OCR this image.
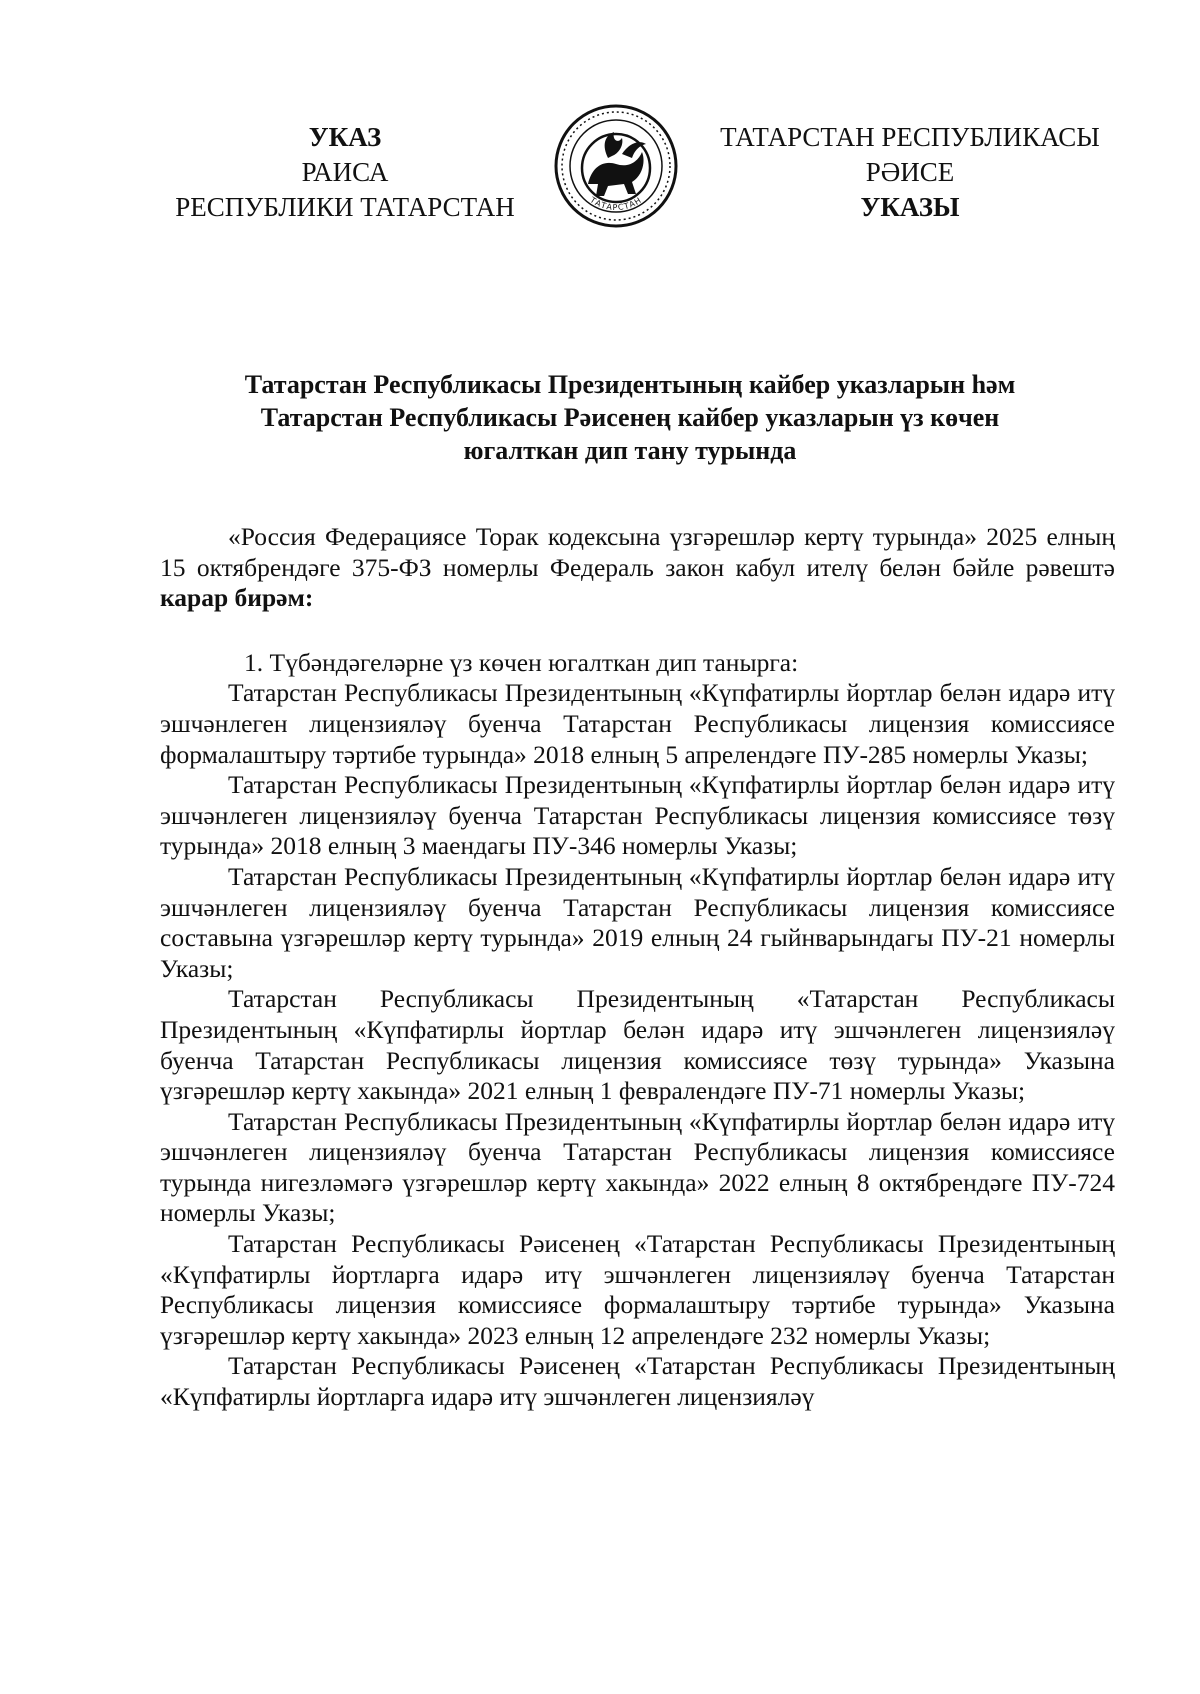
УКАЗ
РАИСА
РЕСПУБЛИКИ ТАТАРСТАН	ТАТАРСТАН
ТАТАРСТАН РЕСПУБЛИКАСЫ
РӘИСЕ
УКАЗЫ
Татарстан Республикасы Президентының кайбер указларын һәм
Татарстан Республикасы Рәисенең кайбер указларын үз көчен
югалткан дип тану турында

«Россия Федерациясе Торак кодексына үзгәрешләр кертү турында» 2025 елның 15 октябрендәге 375-ФЗ номерлы Федераль закон кабул ителү белән бәйле рәвештә карар бирәм:

1. Түбәндәгеләрне үз көчен югалткан дип танырга:

Татарстан Республикасы Президентының «Күпфатирлы йортлар белән идарә итү эшчәнлеген лицензияләү буенча Татарстан Республикасы лицензия комиссиясе формалаштыру тәртибе турында» 2018 елның 5 апрелендәге ПУ-285 номерлы Указы;

Татарстан Республикасы Президентының «Күпфатирлы йортлар белән идарә итү эшчәнлеген лицензияләү буенча Татарстан Республикасы лицензия комиссиясе төзү турында» 2018 елның 3 маендагы ПУ-346 номерлы Указы;

Татарстан Республикасы Президентының «Күпфатирлы йортлар белән идарә итү эшчәнлеген лицензияләү буенча Татарстан Республикасы лицензия комиссиясе составына үзгәрешләр кертү турында» 2019 елның 24 гыйнварындагы ПУ-21 номерлы Указы;

Татарстан Республикасы Президентының «Татарстан Республикасы Президентының «Күпфатирлы йортлар белән идарә итү эшчәнлеген лицензияләү буенча Татарстан Республикасы лицензия комиссиясе төзү турында» Указына үзгәрешләр кертү хакында» 2021 елның 1 февралендәге ПУ-71 номерлы Указы;

Татарстан Республикасы Президентының «Күпфатирлы йортлар белән идарә итү эшчәнлеген лицензияләү буенча Татарстан Республикасы лицензия комиссиясе турында нигезләмәгә үзгәрешләр кертү хакында» 2022 елның 8 октябрендәге ПУ-724 номерлы Указы;

Татарстан Республикасы Рәисенең «Татарстан Республикасы Президентының «Күпфатирлы йортларга идарә итү эшчәнлеген лицензияләү буенча Татарстан Республикасы лицензия комиссиясе формалаштыру тәртибе турында» Указына үзгәрешләр кертү хакында» 2023 елның 12 апрелендәге 232 номерлы Указы;

Татарстан Республикасы Рәисенең «Татарстан Республикасы Президентының «Күпфатирлы йортларга идарә итү эшчәнлеген лицензияләү
